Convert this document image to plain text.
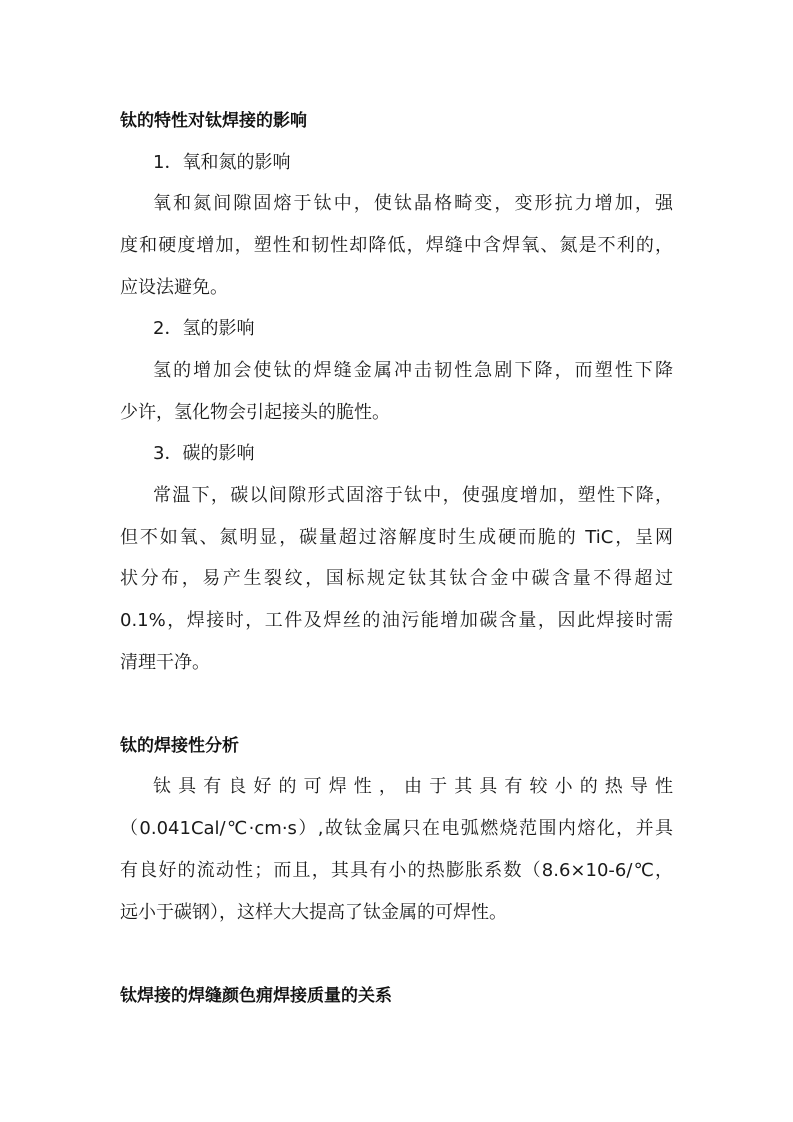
钛的特性对钛焊接的影响
1．氧和氮的影响
氧和氮间隙固熔于钛中，使钛晶格畸变，变形抗力增加，强
度和硬度增加，塑性和韧性却降低，焊缝中含焊氧、氮是不利的，
应设法避免。
2．氢的影响
氢的增加会使钛的焊缝金属冲击韧性急剧下降，而塑性下降
少许，氢化物会引起接头的脆性。
3．碳的影响
常温下，碳以间隙形式固溶于钛中，使强度增加，塑性下降，
但不如氧、氮明显，碳量超过溶解度时生成硬而脆的 TiC，呈网
状分布，易产生裂纹，国标规定钛其钛合金中碳含量不得超过
0.1%，焊接时，工件及焊丝的油污能增加碳含量，因此焊接时需
清理干净。
钛的焊接性分析
钛具有良好的可焊性，由于其具有较小的热导性
（0.041Cal/℃·cm·s）,故钛金属只在电弧燃烧范围内熔化，并具
有良好的流动性；而且，其具有小的热膨胀系数（8.6×10-6/℃，
远小于碳钢），这样大大提高了钛金属的可焊性。
钛焊接的焊缝颜色痈焊接质量的关系
